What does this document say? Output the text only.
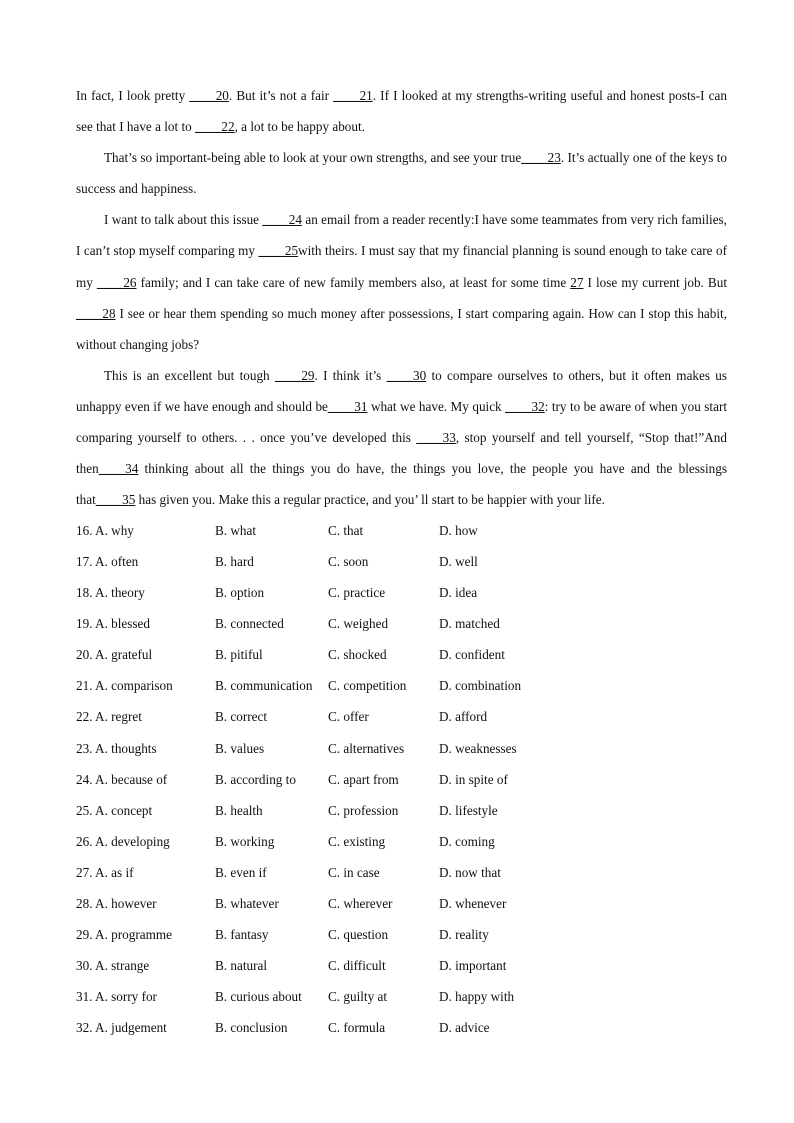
In fact, I look pretty ____20. But it’s not a fair ____21. If I looked at my strengths-writing useful and honest posts-I can see that I have a lot to ____22, a lot to be happy about.

That’s so important-being able to look at your own strengths, and see your true____23. It’s actually one of the keys to success and happiness.

I want to talk about this issue ____24 an email from a reader recently:I have some teammates from very rich families, I can’t stop myself comparing my ____25with theirs. I must say that my financial planning is sound enough to take care of my ____26 family; and I can take care of new family members also, at least for some time 27 I lose my current job. But ____28 I see or hear them spending so much money after possessions, I start comparing again. How can I stop this habit, without changing jobs?

This is an excellent but tough ____29. I think it’s ____30 to compare ourselves to others, but it often makes us unhappy even if we have enough and should be____31 what we have. My quick ____32: try to be aware of when you start comparing yourself to others. . . once you’ve developed this ____33, stop yourself and tell yourself, “Stop that!”And then____34 thinking about all the things you do have, the things you love, the people you have and the blessings that____35 has given you. Make this a regular practice, and you’ ll start to be happier with your life.

16. A. why	B. what	C. that	D. how
17. A. often	B. hard	C. soon	D. well
18. A. theory	B. option	C. practice	D. idea
19. A. blessed	B. connected	C. weighed	D. matched
20. A. grateful	B. pitiful	C. shocked	D. confident
21. A. comparison	B. communication	C. competition	D. combination
22. A. regret	B. correct	C. offer	D. afford
23. A. thoughts	B. values	C. alternatives	D. weaknesses
24. A. because of	B. according to	C. apart from	D. in spite of
25. A. concept	B. health	C. profession	D. lifestyle
26. A. developing	B. working	C. existing	D. coming
27. A. as if	B. even if	C. in case	D. now that
28. A. however	B. whatever	C. wherever	D. whenever
29. A. programme	B. fantasy	C. question	D. reality
30. A. strange	B. natural	C. difficult	D. important
31. A. sorry for	B. curious about	C. guilty at	D. happy with
32. A. judgement	B. conclusion	C. formula	D. advice
